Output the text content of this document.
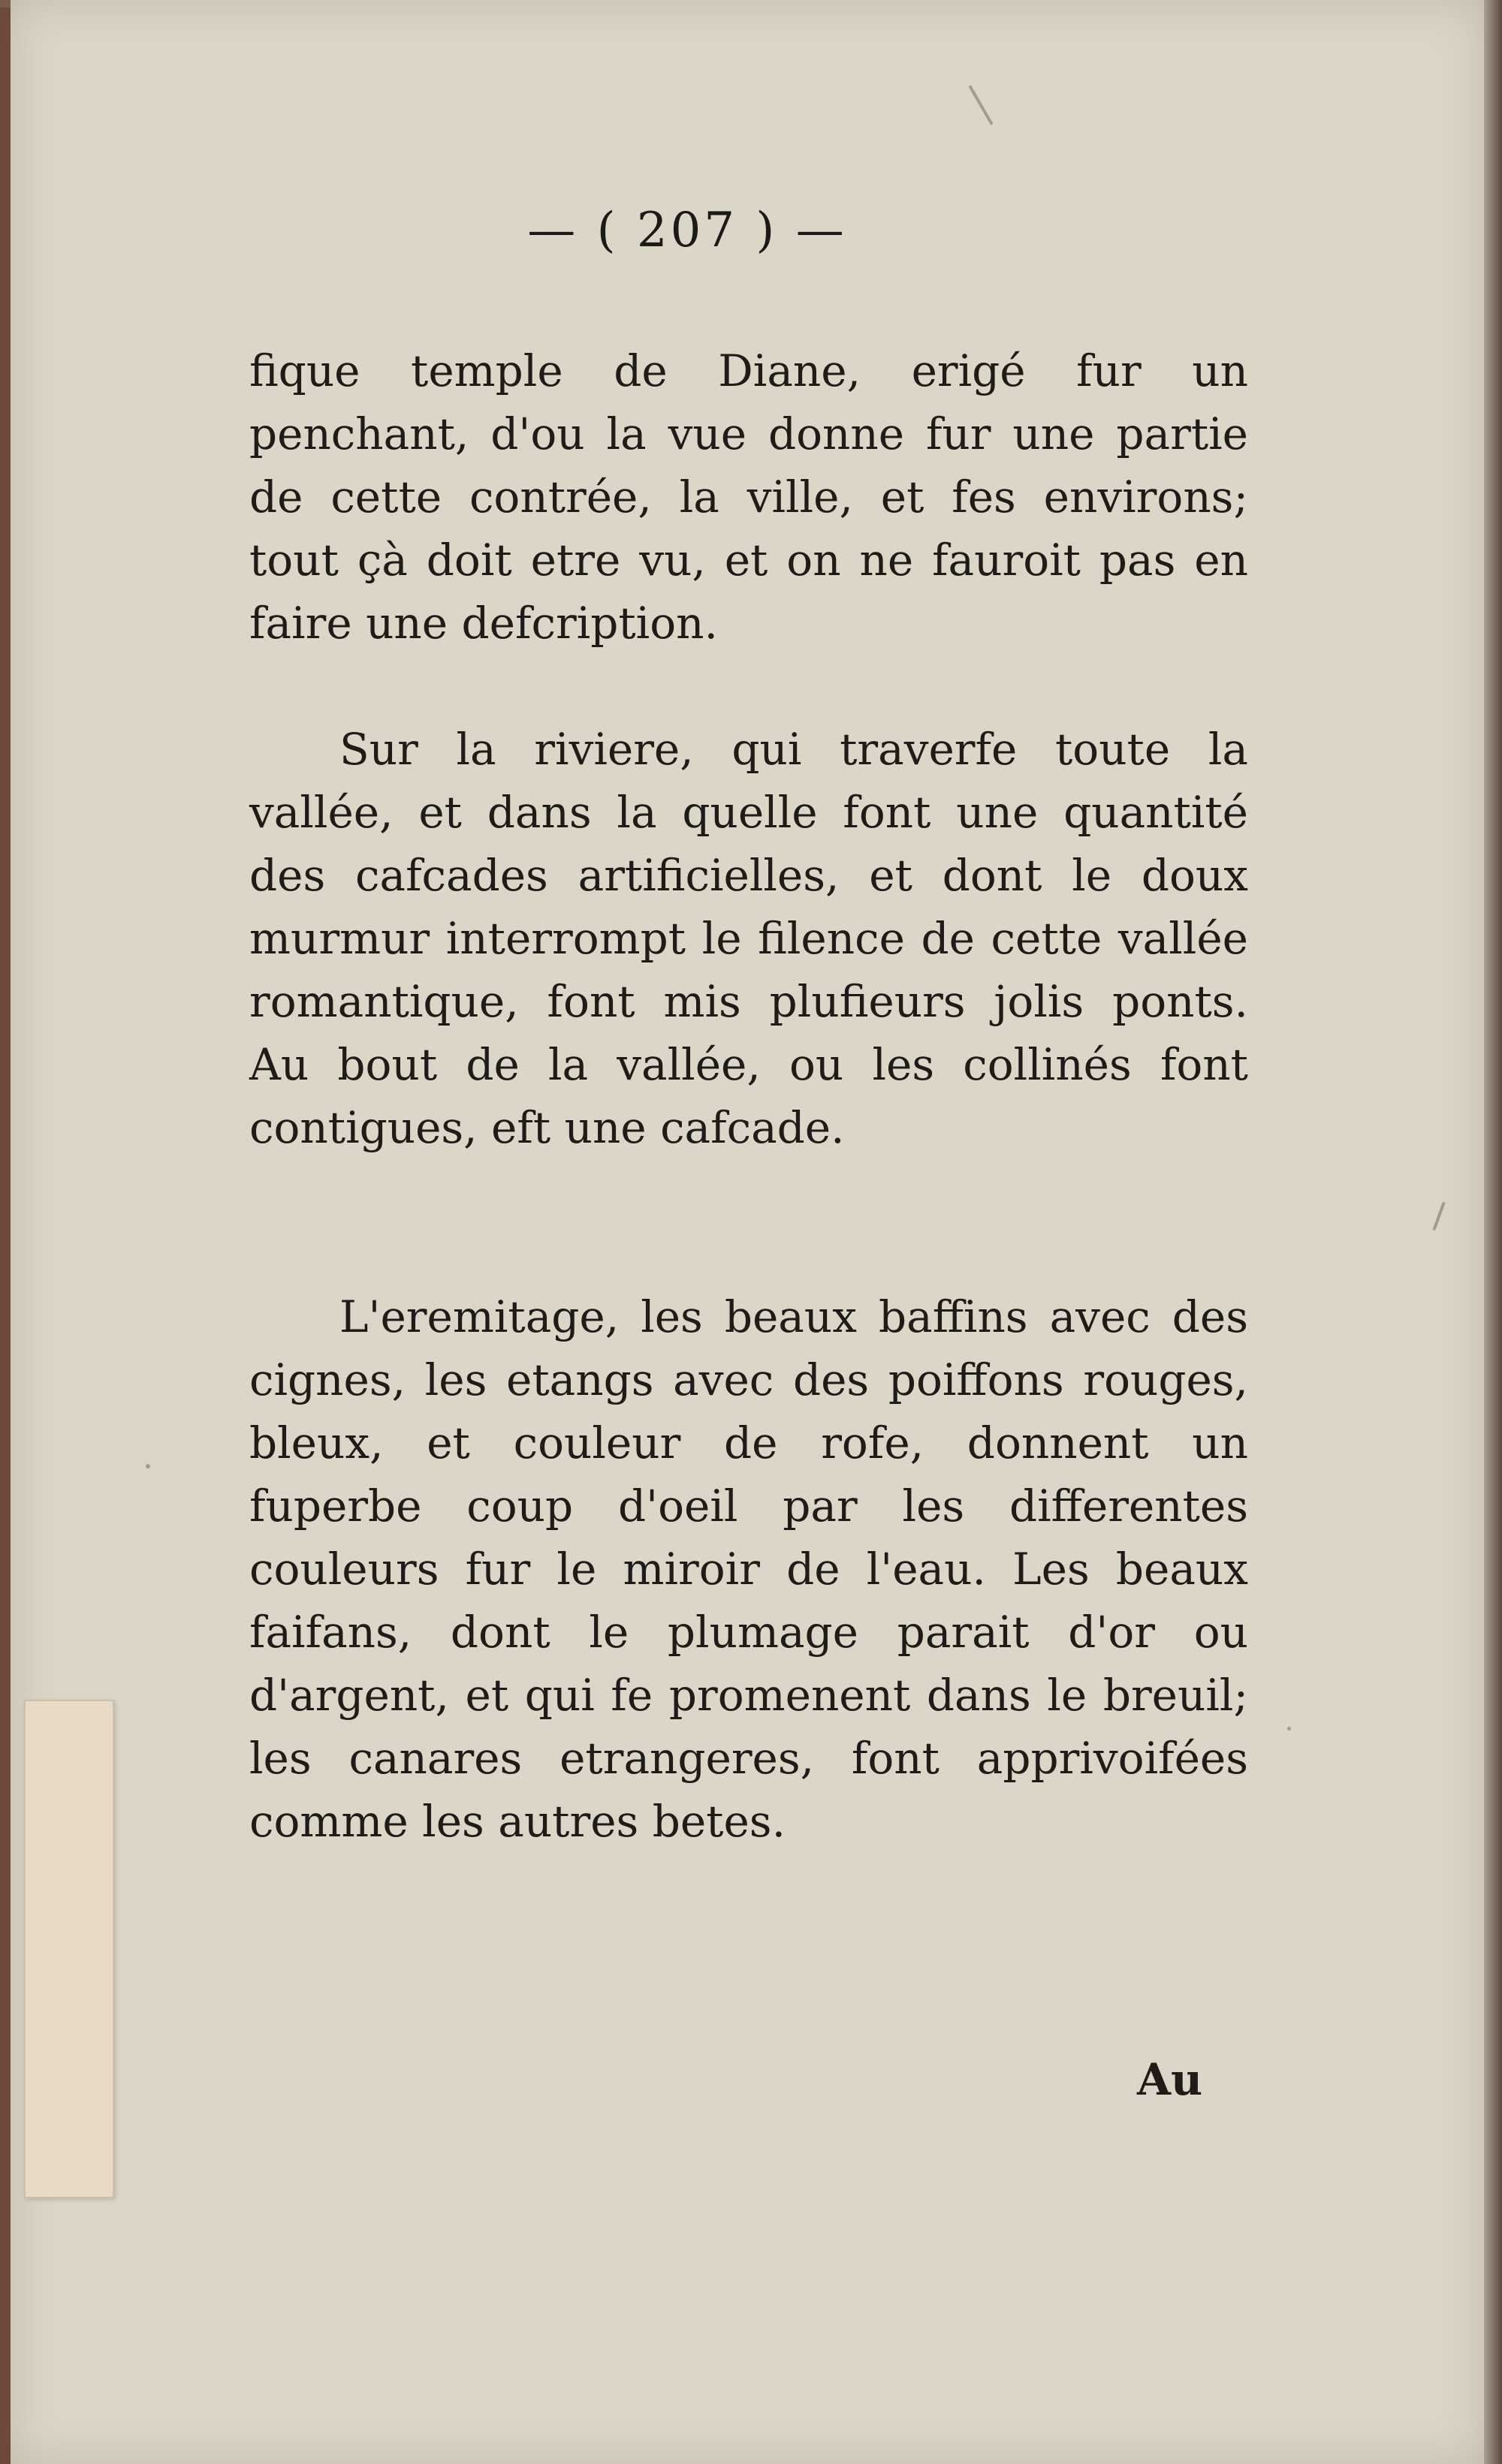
— ( 207 ) —

fique temple de Diane, erigé fur un penchant, d'ou la vue donne fur une partie de cette contrée, la ville, et fes environs; tout çà doit etre vu, et on ne fauroit pas en faire une defcription.

Sur la riviere, qui traverfe toute la vallée, et dans la quelle font une quantité des cafcades artificielles, et dont le doux murmur interrompt le filence de cette vallée romantique, font mis plufieurs jolis ponts. Au bout de la vallée, ou les collinés font contigues, eft une cafcade.

L'eremitage, les beaux baffins avec des cignes, les etangs avec des poiffons rouges, bleux, et couleur de rofe, donnent un fuperbe coup d'oeil par les differentes couleurs fur le miroir de l'eau. Les beaux faifans, dont le plumage parait d'or ou d'argent, et qui fe promenent dans le breuil; les canares etrangeres, font apprivoifées comme les autres betes.

Au
